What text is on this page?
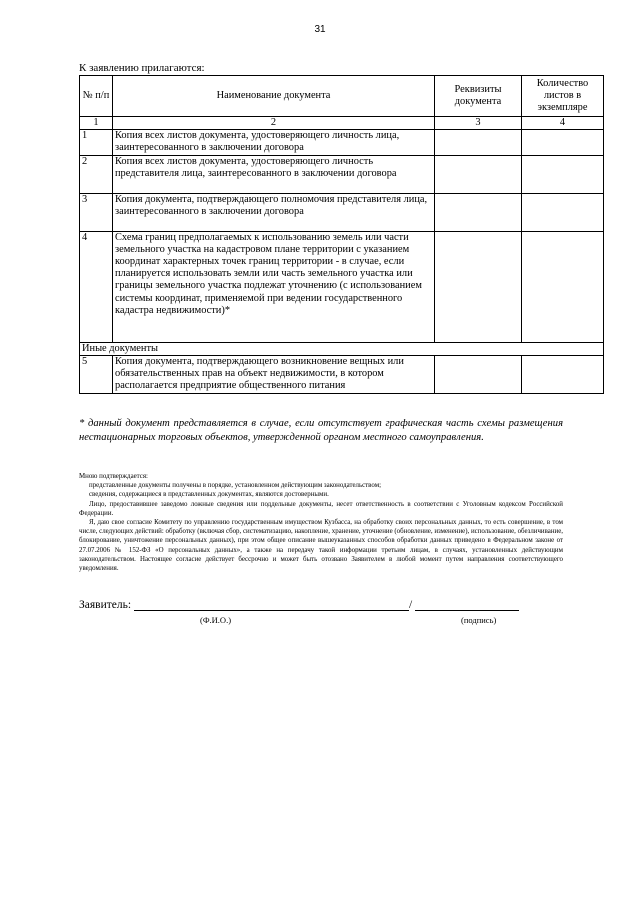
31
К заявлению прилагаются:
№ п/п	Наименование документа	Реквизиты документа	Количество листов в экземпляре
1	2	3	4
1	Копия всех листов документа, удостоверяющего личность лица, заинтересованного в заключении договора		
2	Копия всех листов документа, удостоверяющего личность представителя лица, заинтересованного в заключении договора		
3	Копия документа, подтверждающего полномочия представителя лица, заинтересованного в заключении договора		
4	Схема границ предполагаемых к использованию земель или части земельного участка на кадастровом плане территории с указанием координат характерных точек границ территории - в случае, если планируется использовать земли или часть земельного участка или границы земельного участка подлежат уточнению (с использованием системы координат, применяемой при ведении государственного кадастра недвижимости)*		
Иные документы			
5	Копия документа, подтверждающего возникновение вещных или обязательственных прав на объект недвижимости, в котором располагается предприятие общественного питания		
* данный документ представляется в случае, если отсутствует графическая часть схемы размещения нестационарных торговых объектов, утвержденной органом местного самоуправления.

Мною подтверждается:

представленные документы получены в порядке, установленном действующим законодательством;

сведения, содержащиеся в представленных документах, являются достоверными.

Лицо, предоставившее заведомо ложные сведения или поддельные документы, несет ответственность в соответствии с Уголовным кодексом Российской Федерации.

Я, даю свое согласие Комитету по управлению государственным имуществом Кузбасса, на обработку своих персональных данных, то есть совершение, в том числе, следующих действий: обработку (включая сбор, систематизацию, накопление, хранение, уточнение (обновление, изменение), использование, обезличивание, блокирование, уничтожение персональных данных), при этом общее описание вышеуказанных способов обработки данных приведено в Федеральном законе от 27.07.2006 № 152-ФЗ «О персональных данных», а также на передачу такой информации третьим лицам, в случаях, установленных действующим законодательством. Настоящее согласие действует бессрочно и может быть отозвано Заявителем в любой момент путем направления соответствующего уведомления.

Заявитель:	/
(Ф.И.О.)	(подпись)
